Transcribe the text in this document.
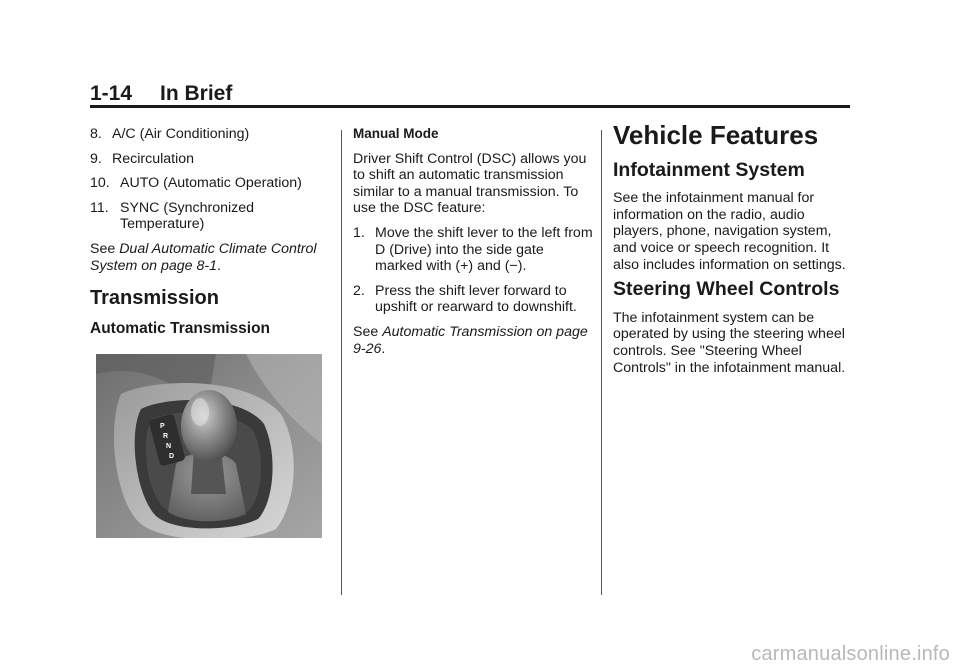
1-14 In Brief
8. A/C (Air Conditioning)
9. Recirculation
10. AUTO (Automatic Operation)
11. SYNC (Synchronized Temperature)

See Dual Automatic Climate Control System on page 8-1.

Transmission
Automatic Transmission
P
R
N
D
Manual Mode

Driver Shift Control (DSC) allows you to shift an automatic transmission similar to a manual transmission. To use the DSC feature:

1. Move the shift lever to the left from D (Drive) into the side gate marked with (+) and (−).
2. Press the shift lever forward to upshift or rearward to downshift.

See Automatic Transmission on page 9-26.

Vehicle Features
Infotainment System

See the infotainment manual for information on the radio, audio players, phone, navigation system, and voice or speech recognition. It also includes information on settings.

Steering Wheel Controls

The infotainment system can be operated by using the steering wheel controls. See "Steering Wheel Controls" in the infotainment manual.

carmanualsonline.info
